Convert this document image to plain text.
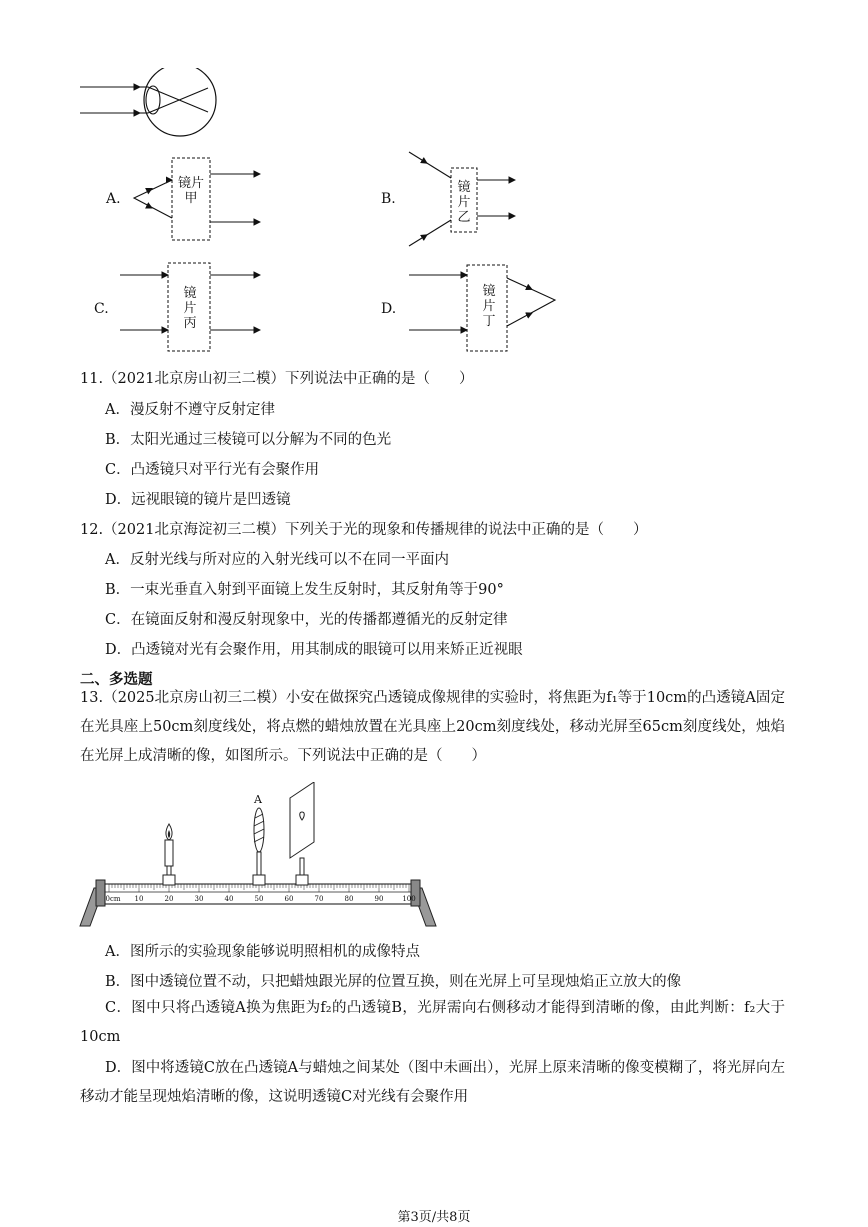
A.
镜片甲	B.
镜片乙
C.
镜片丙
D.
镜片丁
11.（2021北京房山初三二模）下列说法中正确的是（　　）
A．漫反射不遵守反射定律
B．太阳光通过三棱镜可以分解为不同的色光
C．凸透镜只对平行光有会聚作用
D．远视眼镜的镜片是凹透镜
12.（2021北京海淀初三二模）下列关于光的现象和传播规律的说法中正确的是（　　）
A．反射光线与所对应的入射光线可以不在同一平面内
B．一束光垂直入射到平面镜上发生反射时，其反射角等于90°
C．在镜面反射和漫反射现象中，光的传播都遵循光的反射定律
D．凸透镜对光有会聚作用，用其制成的眼镜可以用来矫正近视眼
二、多选题
13.（2025北京房山初三二模）小安在做探究凸透镜成像规律的实验时，将焦距为f₁等于10cm的凸透镜A固定在光具座上50cm刻度线处，将点燃的蜡烛放置在光具座上20cm刻度线处，移动光屏至65cm刻度线处，烛焰在光屏上成清晰的像，如图所示。下列说法中正确的是（　　）
0cm 10	20	30	40	50	60	70	80	90	100
A
A．图所示的实验现象能够说明照相机的成像特点
B．图中透镜位置不动，只把蜡烛跟光屏的位置互换，则在光屏上可呈现烛焰正立放大的像
C．图中只将凸透镜A换为焦距为f₂的凸透镜B，光屏需向右侧移动才能得到清晰的像，由此判断：f₂大于10cm
D．图中将透镜C放在凸透镜A与蜡烛之间某处（图中未画出），光屏上原来清晰的像变模糊了，将光屏向左移动才能呈现烛焰清晰的像，这说明透镜C对光线有会聚作用
第3页/共8页
